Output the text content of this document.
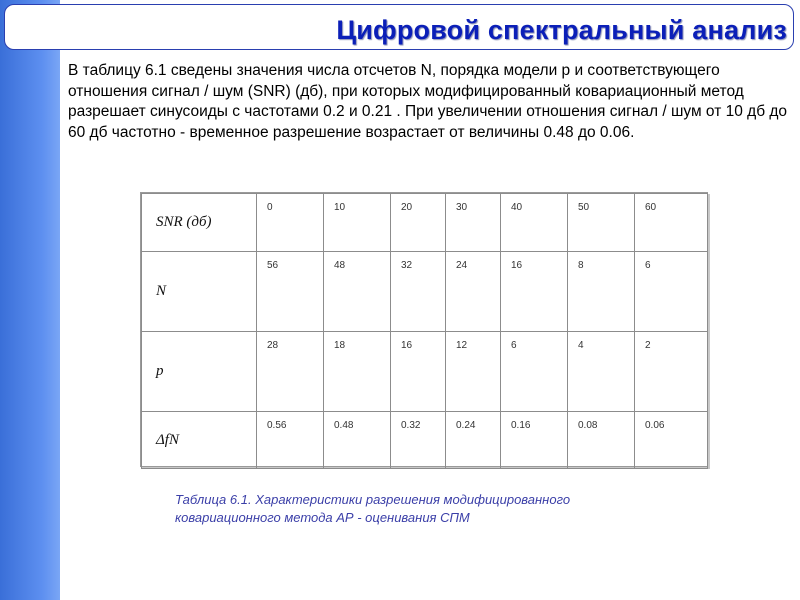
Цифровой спектральный анализ
В таблицу 6.1 сведены значения числа отсчетов N, порядка модели p и соответствующего отношения сигнал / шум (SNR) (дб), при которых модифицированный ковариационный метод разрешает синусоиды с частотами 0.2 и 0.21 . При увеличении отношения сигнал / шум от 10 дб до 60 дб частотно - временное разрешение возрастает от величины 0.48 до 0.06.
SNR (дб)	0	10	20	30	40	50	60
N	56	48	32	24	16	8	6
p	28	18	16	12	6	4	2
ΔfN	0.56	0.48	0.32	0.24	0.16	0.08	0.06
Таблица 6.1. Характеристики разрешения модифицированного
ковариационного метода АР - оценивания СПМ
